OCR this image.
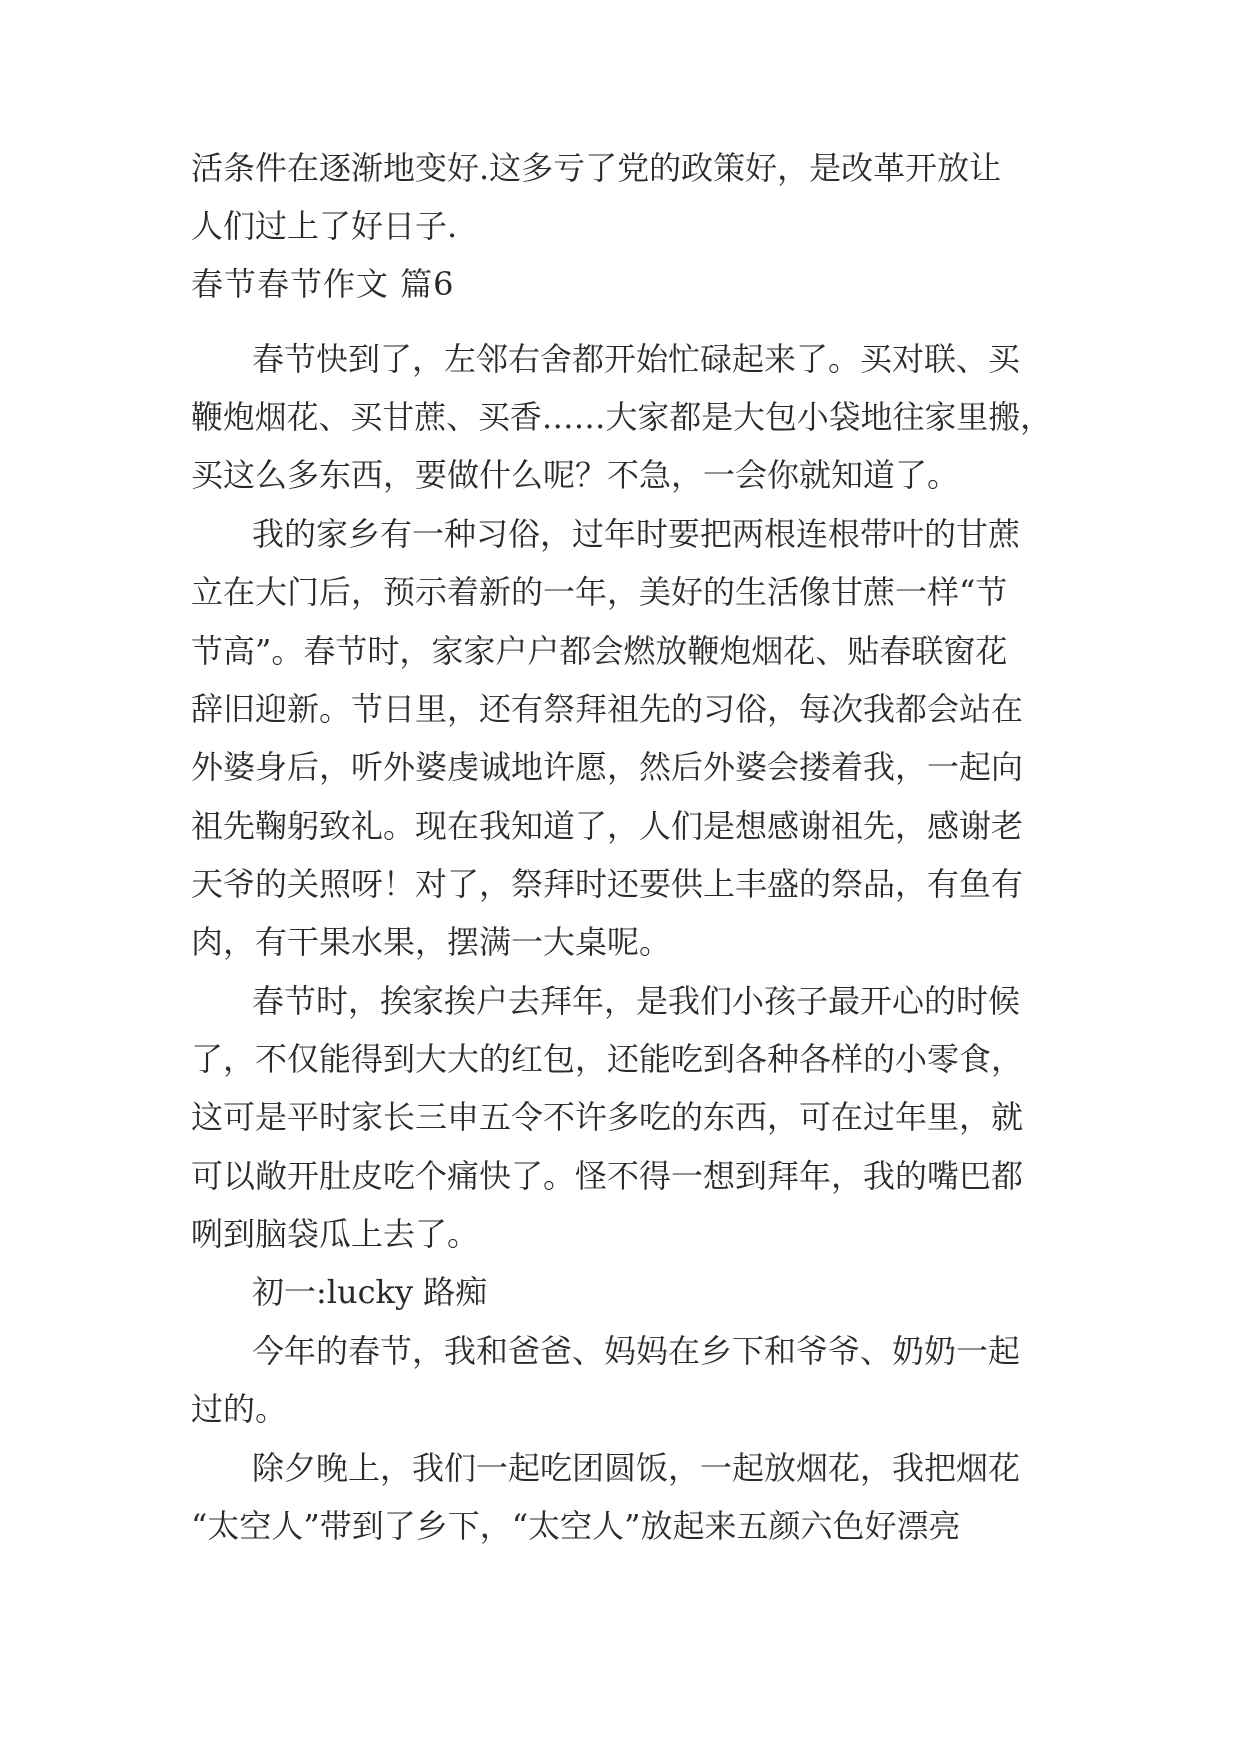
活条件在逐渐地变好.这多亏了党的政策好，是改革开放让
人们过上了好日子.
春节春节作文 篇6
春节快到了，左邻右舍都开始忙碌起来了。买对联、买
鞭炮烟花、买甘蔗、买香……大家都是大包小袋地往家里搬，
买这么多东西，要做什么呢？不急，一会你就知道了。
我的家乡有一种习俗，过年时要把两根连根带叶的甘蔗
立在大门后，预示着新的一年，美好的生活像甘蔗一样“节
节高”。春节时，家家户户都会燃放鞭炮烟花、贴春联窗花
辞旧迎新。节日里，还有祭拜祖先的习俗，每次我都会站在
外婆身后，听外婆虔诚地许愿，然后外婆会搂着我，一起向
祖先鞠躬致礼。现在我知道了，人们是想感谢祖先，感谢老
天爷的关照呀！对了，祭拜时还要供上丰盛的祭品，有鱼有
肉，有干果水果，摆满一大桌呢。
春节时，挨家挨户去拜年，是我们小孩子最开心的时候
了，不仅能得到大大的红包，还能吃到各种各样的小零食，
这可是平时家长三申五令不许多吃的东西，可在过年里，就
可以敞开肚皮吃个痛快了。怪不得一想到拜年，我的嘴巴都
咧到脑袋瓜上去了。
初一:lucky 路痴
今年的春节，我和爸爸、妈妈在乡下和爷爷、奶奶一起
过的。
除夕晚上，我们一起吃团圆饭，一起放烟花，我把烟花
“太空人”带到了乡下，“太空人”放起来五颜六色好漂亮
